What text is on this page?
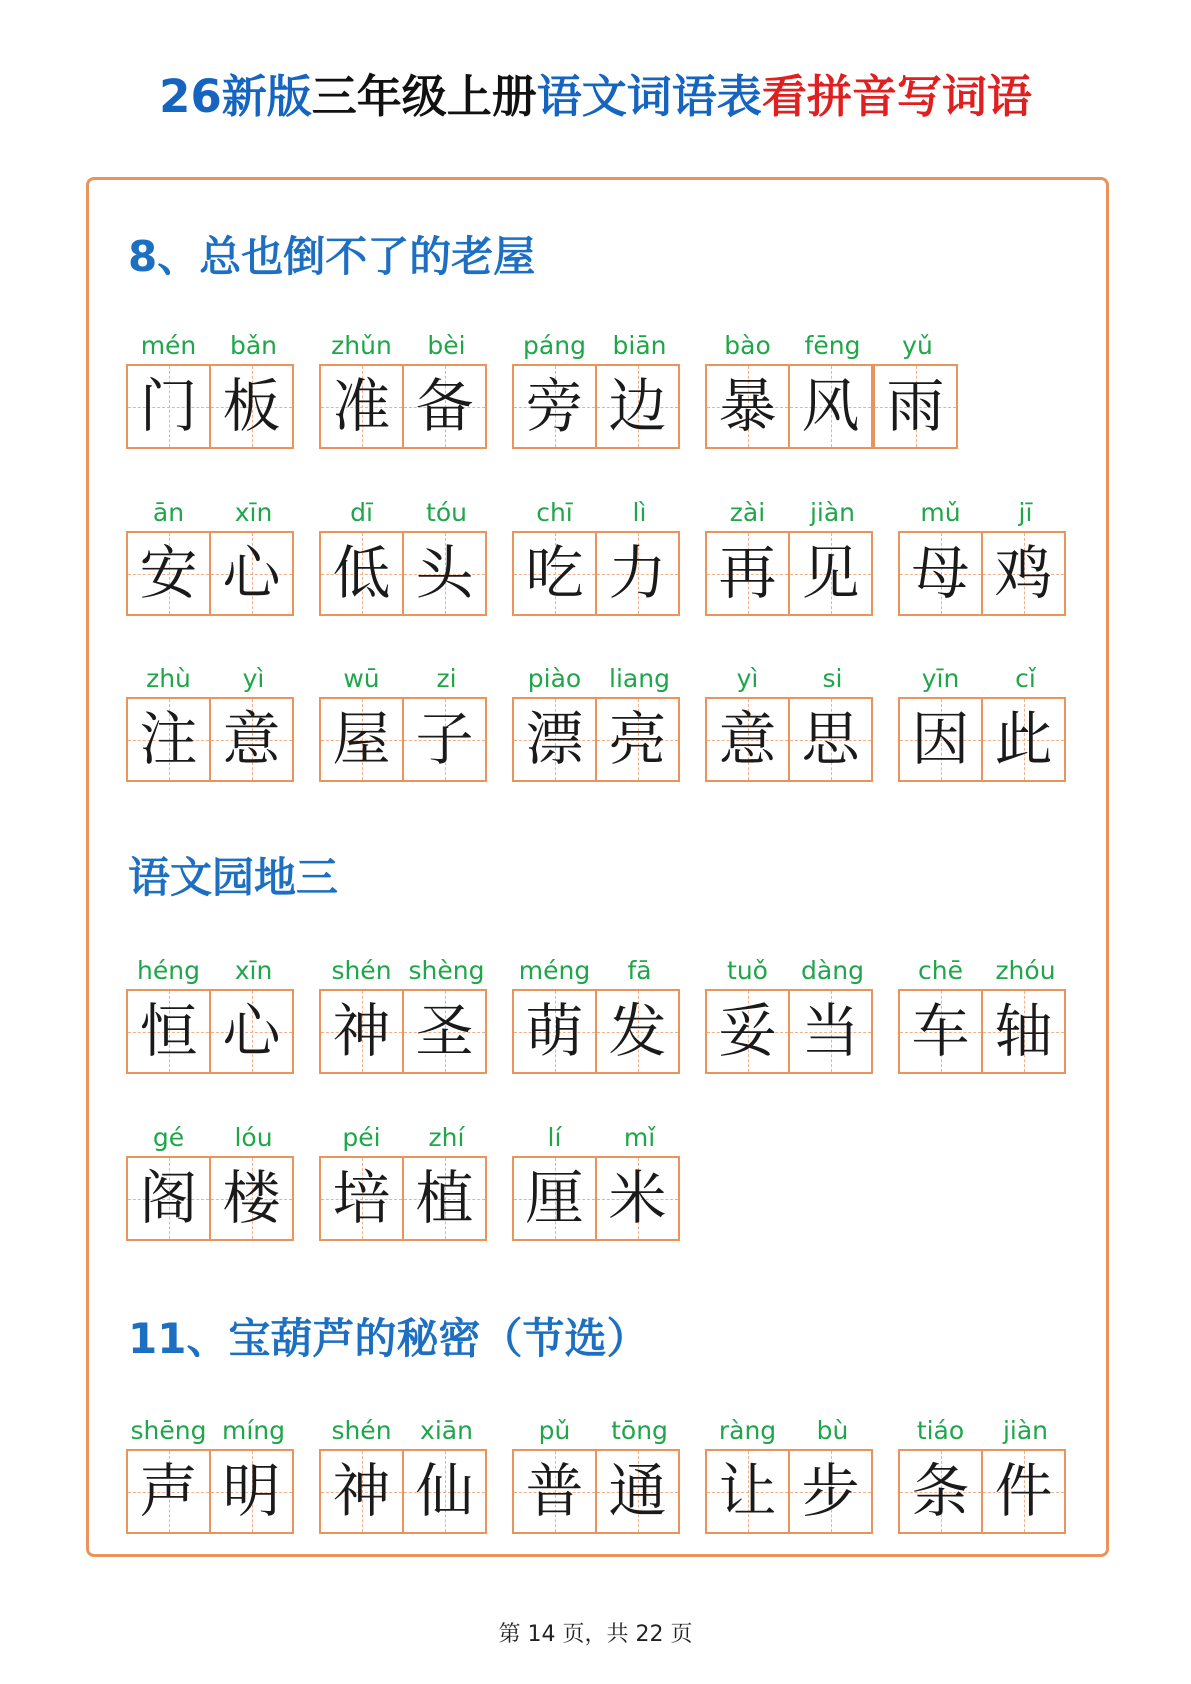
26新版三年级上册语文词语表看拼音写词语
8、总也倒不了的老屋
语文园地三
11、宝葫芦的秘密（节选）
mén
门
bǎn
板
zhǔn
准
bèi
备
páng
旁
biān
边
bào
暴
fēng
风
yǔ
雨
ān
安
xīn
心
dī
低
tóu
头
chī
吃
lì
力
zài
再
jiàn
见
mǔ
母
jī
鸡
zhù
注
yì
意
wū
屋
zi
子
piào
漂
liang
亮
yì
意
si
思
yīn
因
cǐ
此
héng
恒
xīn
心
shén
神
shèng
圣
méng
萌
fā
发
tuǒ
妥
dàng
当
chē
车
zhóu
轴
gé
阁
lóu
楼
péi
培
zhí
植
lí
厘
mǐ
米
shēng
声
míng
明
shén
神
xiān
仙
pǔ
普
tōng
通
ràng
让
bù
步
tiáo
条
jiàn
件
第 14 页，共 22 页
